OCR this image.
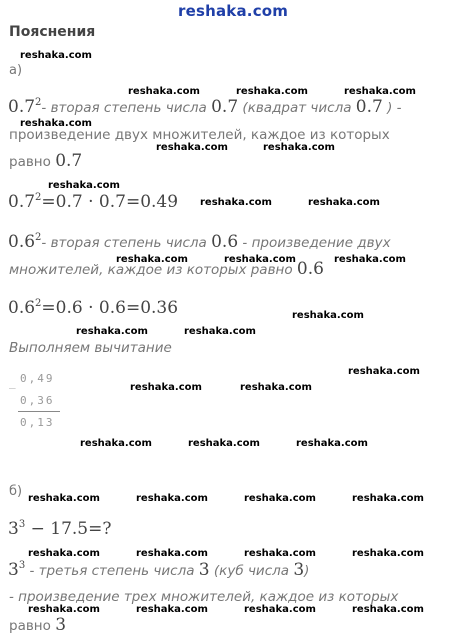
reshaka.com
Пояснения
reshaka.com
а)
reshaka.com	reshaka.com	reshaka.com
$0.7^2-$ вторая степень числа 0.7 (квадрат числа 0.7 ) -
reshaka.com
произведение двух множителей, каждое из которых
reshaka.com	reshaka.com
равно 0.7
reshaka.com
$0.7^2=0.7 \cdot 0.7=0.49$ reshaka.com	reshaka.com
$0.6^2-$ вторая степень числа 0.6 - произведение двух
reshaka.com	reshaka.com	reshaka.com
множителей, каждое из которых равно 0.6
$0.6^2=0.6 \cdot 0.6=0.36$	reshaka.com
reshaka.com	reshaka.com
Выполняем вычитание
reshaka.com
_ 0,49
reshaka.com	reshaka.com
0,36
0,13
reshaka.com	reshaka.com	reshaka.com
б) reshaka.com	reshaka.com	reshaka.com	reshaka.com
$3^3 - 17.5=$?
reshaka.com	reshaka.com	reshaka.com	reshaka.com
$3^3$ - третья степень числа 3 (куб числа 3)
- произведение трех множителей, каждое из которых
reshaka.com	reshaka.com	reshaka.com	reshaka.com
равно 3
